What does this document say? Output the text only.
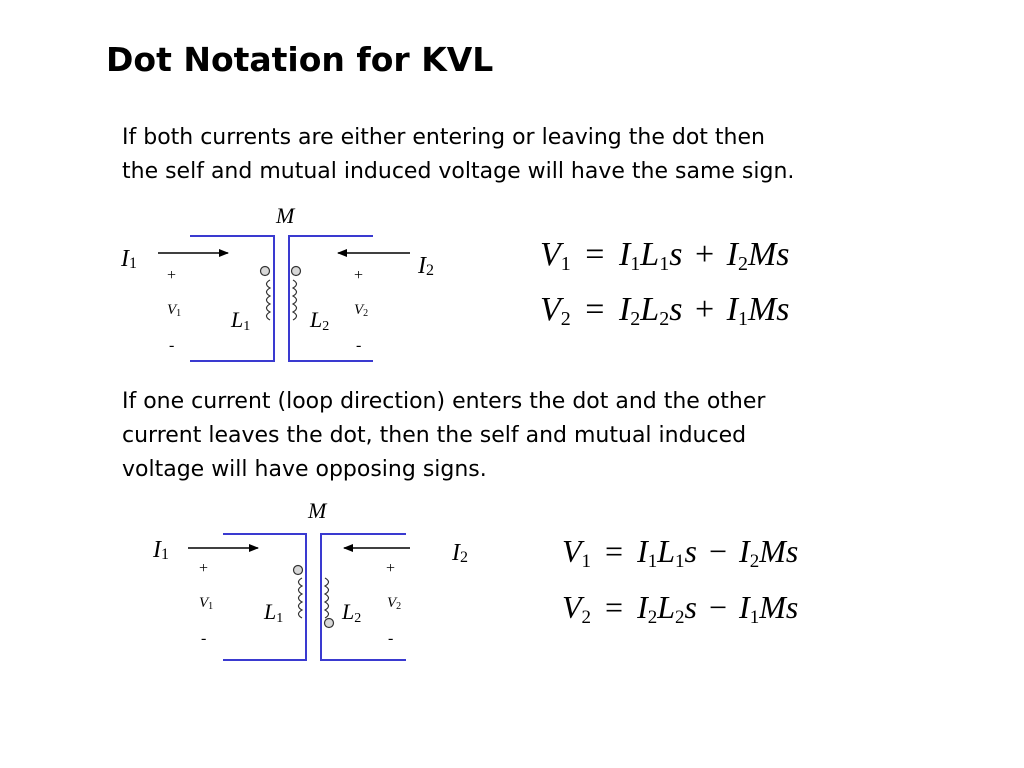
Dot Notation for KVL

If both currents are either entering or leaving the dot then
the self and mutual induced voltage will have the same sign.

If one current (loop direction) enters the dot and the other
current leaves the dot, then the self and mutual induced
voltage will have opposing signs.

M
I1	I2
+
V1
-
+
V2
-
L1	L2
V1 = I1L1s + I2Ms
V2 = I2L2s + I1Ms
M
I1	I2
+
V1
-
+
V2
-
L1	L2
V1 = I1L1s − I2Ms
V2 = I2L2s − I1Ms
